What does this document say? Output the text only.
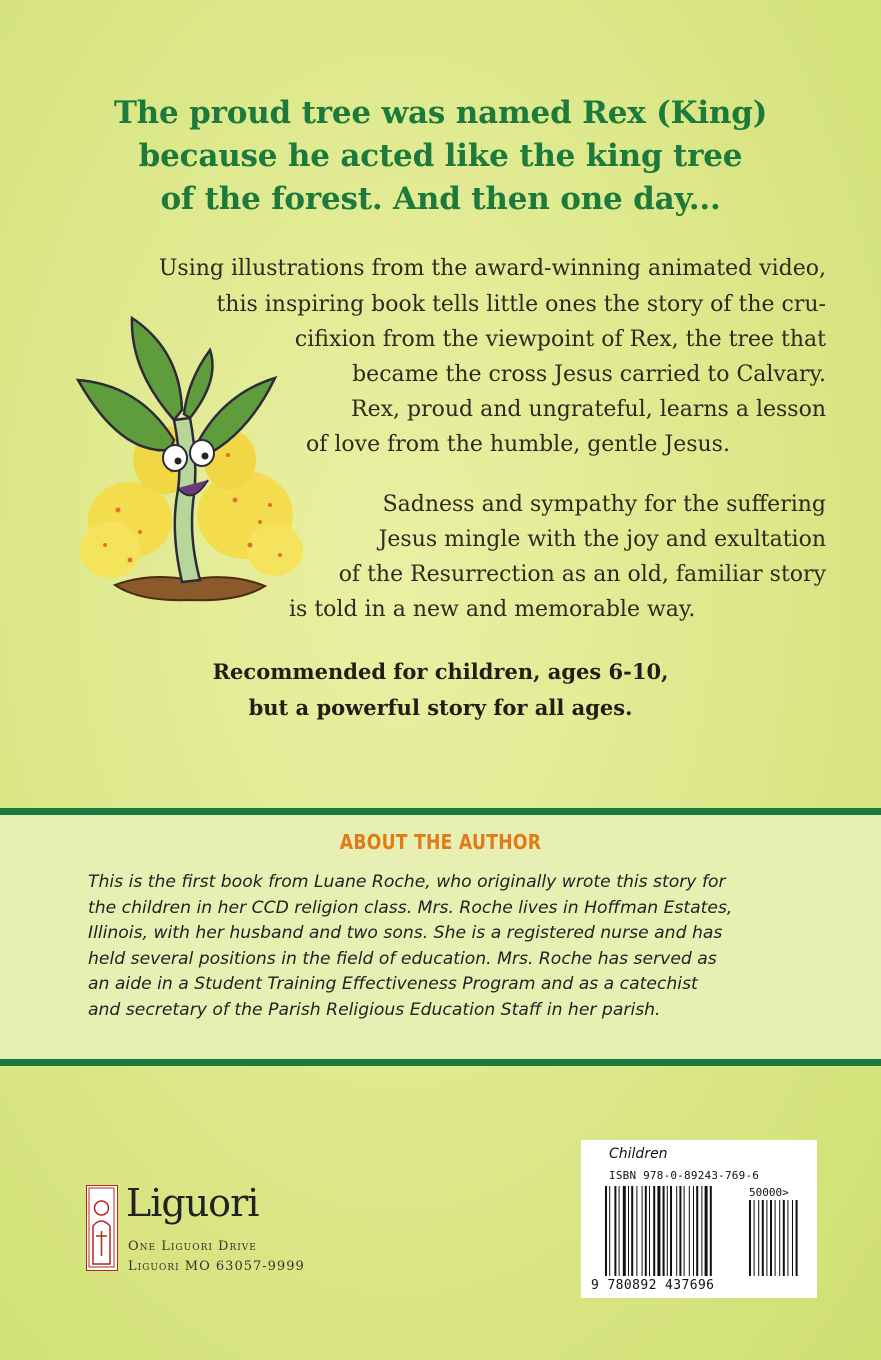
The proud tree was named Rex (King)
because he acted like the king tree
of the forest. And then one day...
Using illustrations from the award-winning animated video,
this inspiring book tells little ones the story of the cru-
cifixion from the viewpoint of Rex, the tree that
became the cross Jesus carried to Calvary.
Rex, proud and ungrateful, learns a lesson
of love from the humble, gentle Jesus.
Sadness and sympathy for the suffering
Jesus mingle with the joy and exultation
of the Resurrection as an old, familiar story
is told in a new and memorable way.
Recommended for children, ages 6-10,
but a powerful story for all ages.
ABOUT THE AUTHOR
This is the first book from Luane Roche, who originally wrote this story for
the children in her CCD religion class. Mrs. Roche lives in Hoffman Estates,
Illinois, with her husband and two sons. She is a registered nurse and has
held several positions in the field of education. Mrs. Roche has served as
an aide in a Student Training Effectiveness Program and as a catechist
and secretary of the Parish Religious Education Staff in her parish.
Liguori
One Liguori Drive
Liguori MO 63057-9999
Children
ISBN 978-0-89243-769-6
50000>
9 780892 437696
